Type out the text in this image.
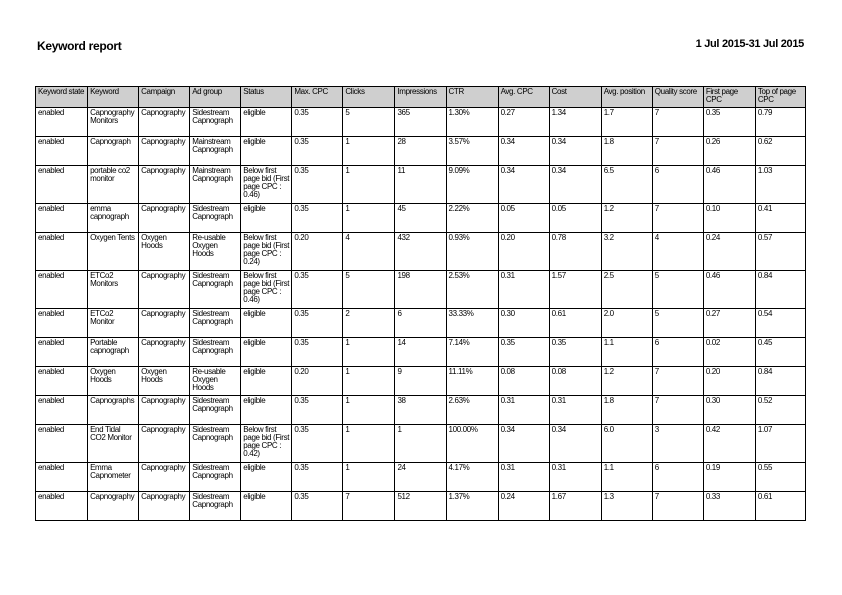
Keyword report	1 Jul 2015-31 Jul 2015
Keyword state	Keyword	Campaign	Ad group	Status	Max. CPC	Clicks	Impressions	CTR	Avg. CPC	Cost	Avg. position	Quality score	First page CPC	Top of page CPC
enabled	Capnography Monitors	Capnography	Sidestream Capnograph	eligible	0.35	5	365	1.30%	0.27	1.34	1.7	7	0.35	0.79
enabled	Capnograph	Capnography	Mainstream Capnograph	eligible	0.35	1	28	3.57%	0.34	0.34	1.8	7	0.26	0.62
enabled	portable co2 monitor	Capnography	Mainstream Capnograph	Below first page bid (First page CPC : 0.46)	0.35	1	11	9.09%	0.34	0.34	6.5	6	0.46	1.03
enabled	emma capnograph	Capnography	Sidestream Capnograph	eligible	0.35	1	45	2.22%	0.05	0.05	1.2	7	0.10	0.41
enabled	Oxygen Tents	Oxygen Hoods	Re-usable Oxygen Hoods	Below first page bid (First page CPC : 0.24)	0.20	4	432	0.93%	0.20	0.78	3.2	4	0.24	0.57
enabled	ETCo2 Monitors	Capnography	Sidestream Capnograph	Below first page bid (First page CPC : 0.46)	0.35	5	198	2.53%	0.31	1.57	2.5	5	0.46	0.84
enabled	ETCo2 Monitor	Capnography	Sidestream Capnograph	eligible	0.35	2	6	33.33%	0.30	0.61	2.0	5	0.27	0.54
enabled	Portable capnograph	Capnography	Sidestream Capnograph	eligible	0.35	1	14	7.14%	0.35	0.35	1.1	6	0.02	0.45
enabled	Oxygen Hoods	Oxygen Hoods	Re-usable Oxygen Hoods	eligible	0.20	1	9	11.11%	0.08	0.08	1.2	7	0.20	0.84
enabled	Capnographs	Capnography	Sidestream Capnograph	eligible	0.35	1	38	2.63%	0.31	0.31	1.8	7	0.30	0.52
enabled	End Tidal CO2 Monitor	Capnography	Sidestream Capnograph	Below first page bid (First page CPC : 0.42)	0.35	1	1	100.00%	0.34	0.34	6.0	3	0.42	1.07
enabled	Emma Capnometer	Capnography	Sidestream Capnograph	eligible	0.35	1	24	4.17%	0.31	0.31	1.1	6	0.19	0.55
enabled	Capnography	Capnography	Sidestream Capnograph	eligible	0.35	7	512	1.37%	0.24	1.67	1.3	7	0.33	0.61
